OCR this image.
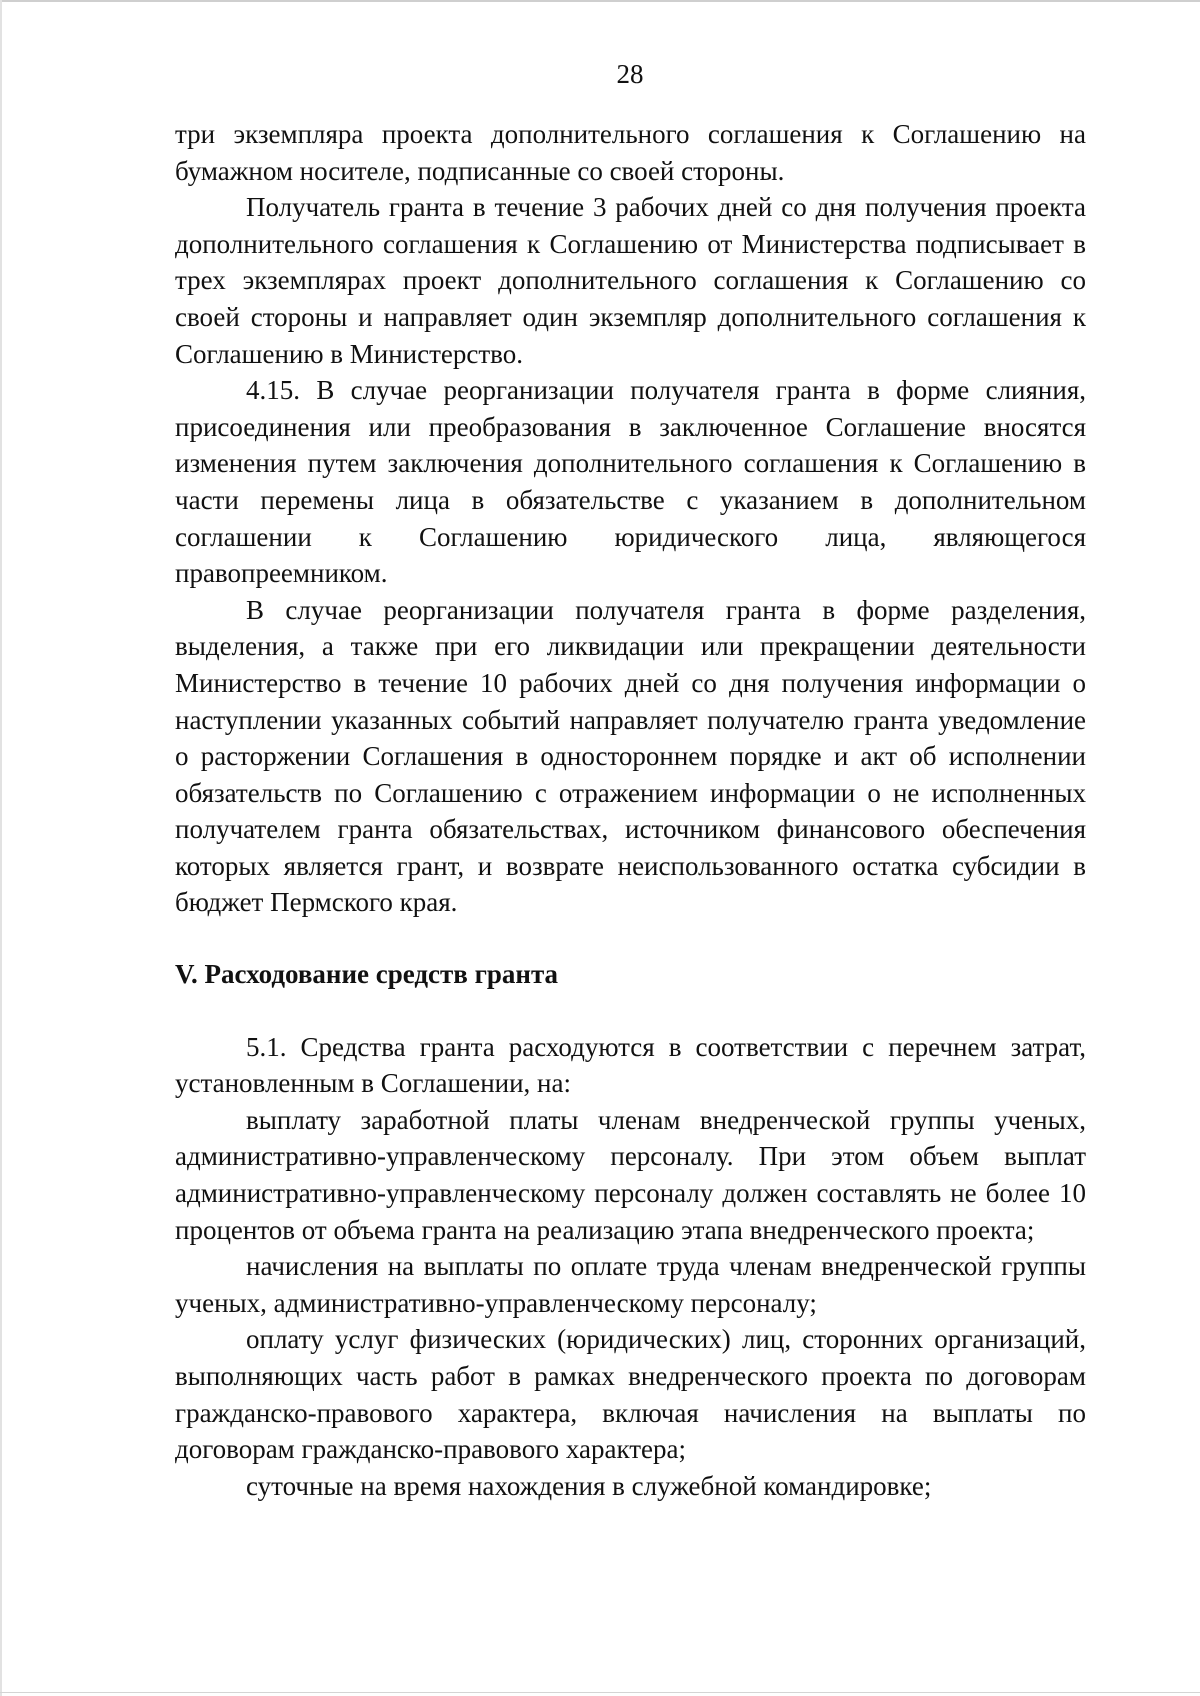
28

три экземпляра проекта дополнительного соглашения к Соглашению на бумажном носителе, подписанные со своей стороны.

Получатель гранта в течение 3 рабочих дней со дня получения проекта дополнительного соглашения к Соглашению от Министерства подписывает в трех экземплярах проект дополнительного соглашения к Соглашению со своей стороны и направляет один экземпляр дополнительного соглашения к Соглашению в Министерство.

4.15. В случае реорганизации получателя гранта в форме слияния, присоединения или преобразования в заключенное Соглашение вносятся изменения путем заключения дополнительного соглашения к Соглашению в части перемены лица в обязательстве с указанием в дополнительном соглашении к Соглашению юридического лица, являющегося правопреемником.

В случае реорганизации получателя гранта в форме разделения, выделения, а также при его ликвидации или прекращении деятельности Министерство в течение 10 рабочих дней со дня получения информации о наступлении указанных событий направляет получателю гранта уведомление о расторжении Соглашения в одностороннем порядке и акт об исполнении обязательств по Соглашению с отражением информации о не исполненных получателем гранта обязательствах, источником финансового обеспечения которых является грант, и возврате неиспользованного остатка субсидии в бюджет Пермского края.

V. Расходование средств гранта

5.1. Средства гранта расходуются в соответствии с перечнем затрат, установленным в Соглашении, на:

выплату заработной платы членам внедренческой группы ученых, административно-управленческому персоналу. При этом объем выплат административно-управленческому персоналу должен составлять не более 10 процентов от объема гранта на реализацию этапа внедренческого проекта;

начисления на выплаты по оплате труда членам внедренческой группы ученых, административно-управленческому персоналу;

оплату услуг физических (юридических) лиц, сторонних организаций, выполняющих часть работ в рамках внедренческого проекта по договорам гражданско-правового характера, включая начисления на выплаты по договорам гражданско-правового характера;

суточные на время нахождения в служебной командировке;
